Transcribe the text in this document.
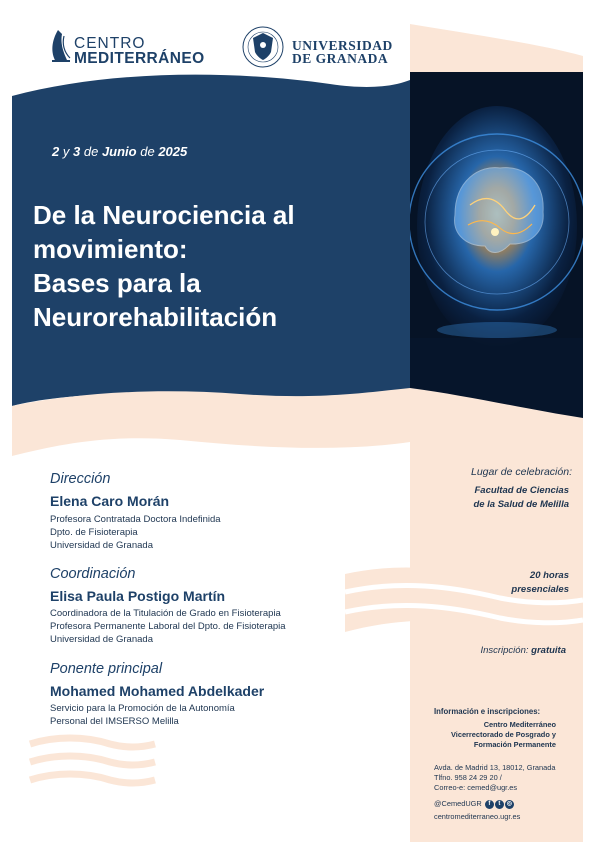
CENTRO
MEDITERRÁNEO
UNIVERSIDAD
DE GRANADA
2 y 3 de Junio de 2025
De la Neurociencia al
movimiento:
Bases para la
Neurorehabilitación
Dirección
Elena Caro Morán
Profesora Contratada Doctora Indefinida
Dpto. de Fisioterapia
Universidad de Granada
Coordinación
Elisa Paula Postigo Martín
Coordinadora de la Titulación de Grado en Fisioterapia
Profesora Permanente Laboral del Dpto. de Fisioterapia
Universidad de Granada
Ponente principal
Mohamed Mohamed Abdelkader
Servicio para la Promoción de la Autonomía
Personal del IMSERSO Melilla
Lugar de celebración:
Facultad de Ciencias
de la Salud de Melilla
20 horas
presenciales
Inscripción: gratuita
Información e inscripciones:
Centro Mediterráneo
Vicerrectorado de Posgrado y
Formación Permanente
Avda. de Madrid 13, 18012, Granada
Tlfno. 958 24 29 20 /
Correo-e: cemed@ugr.es
@CemedUGR f t ◎
centromediterraneo.ugr.es
